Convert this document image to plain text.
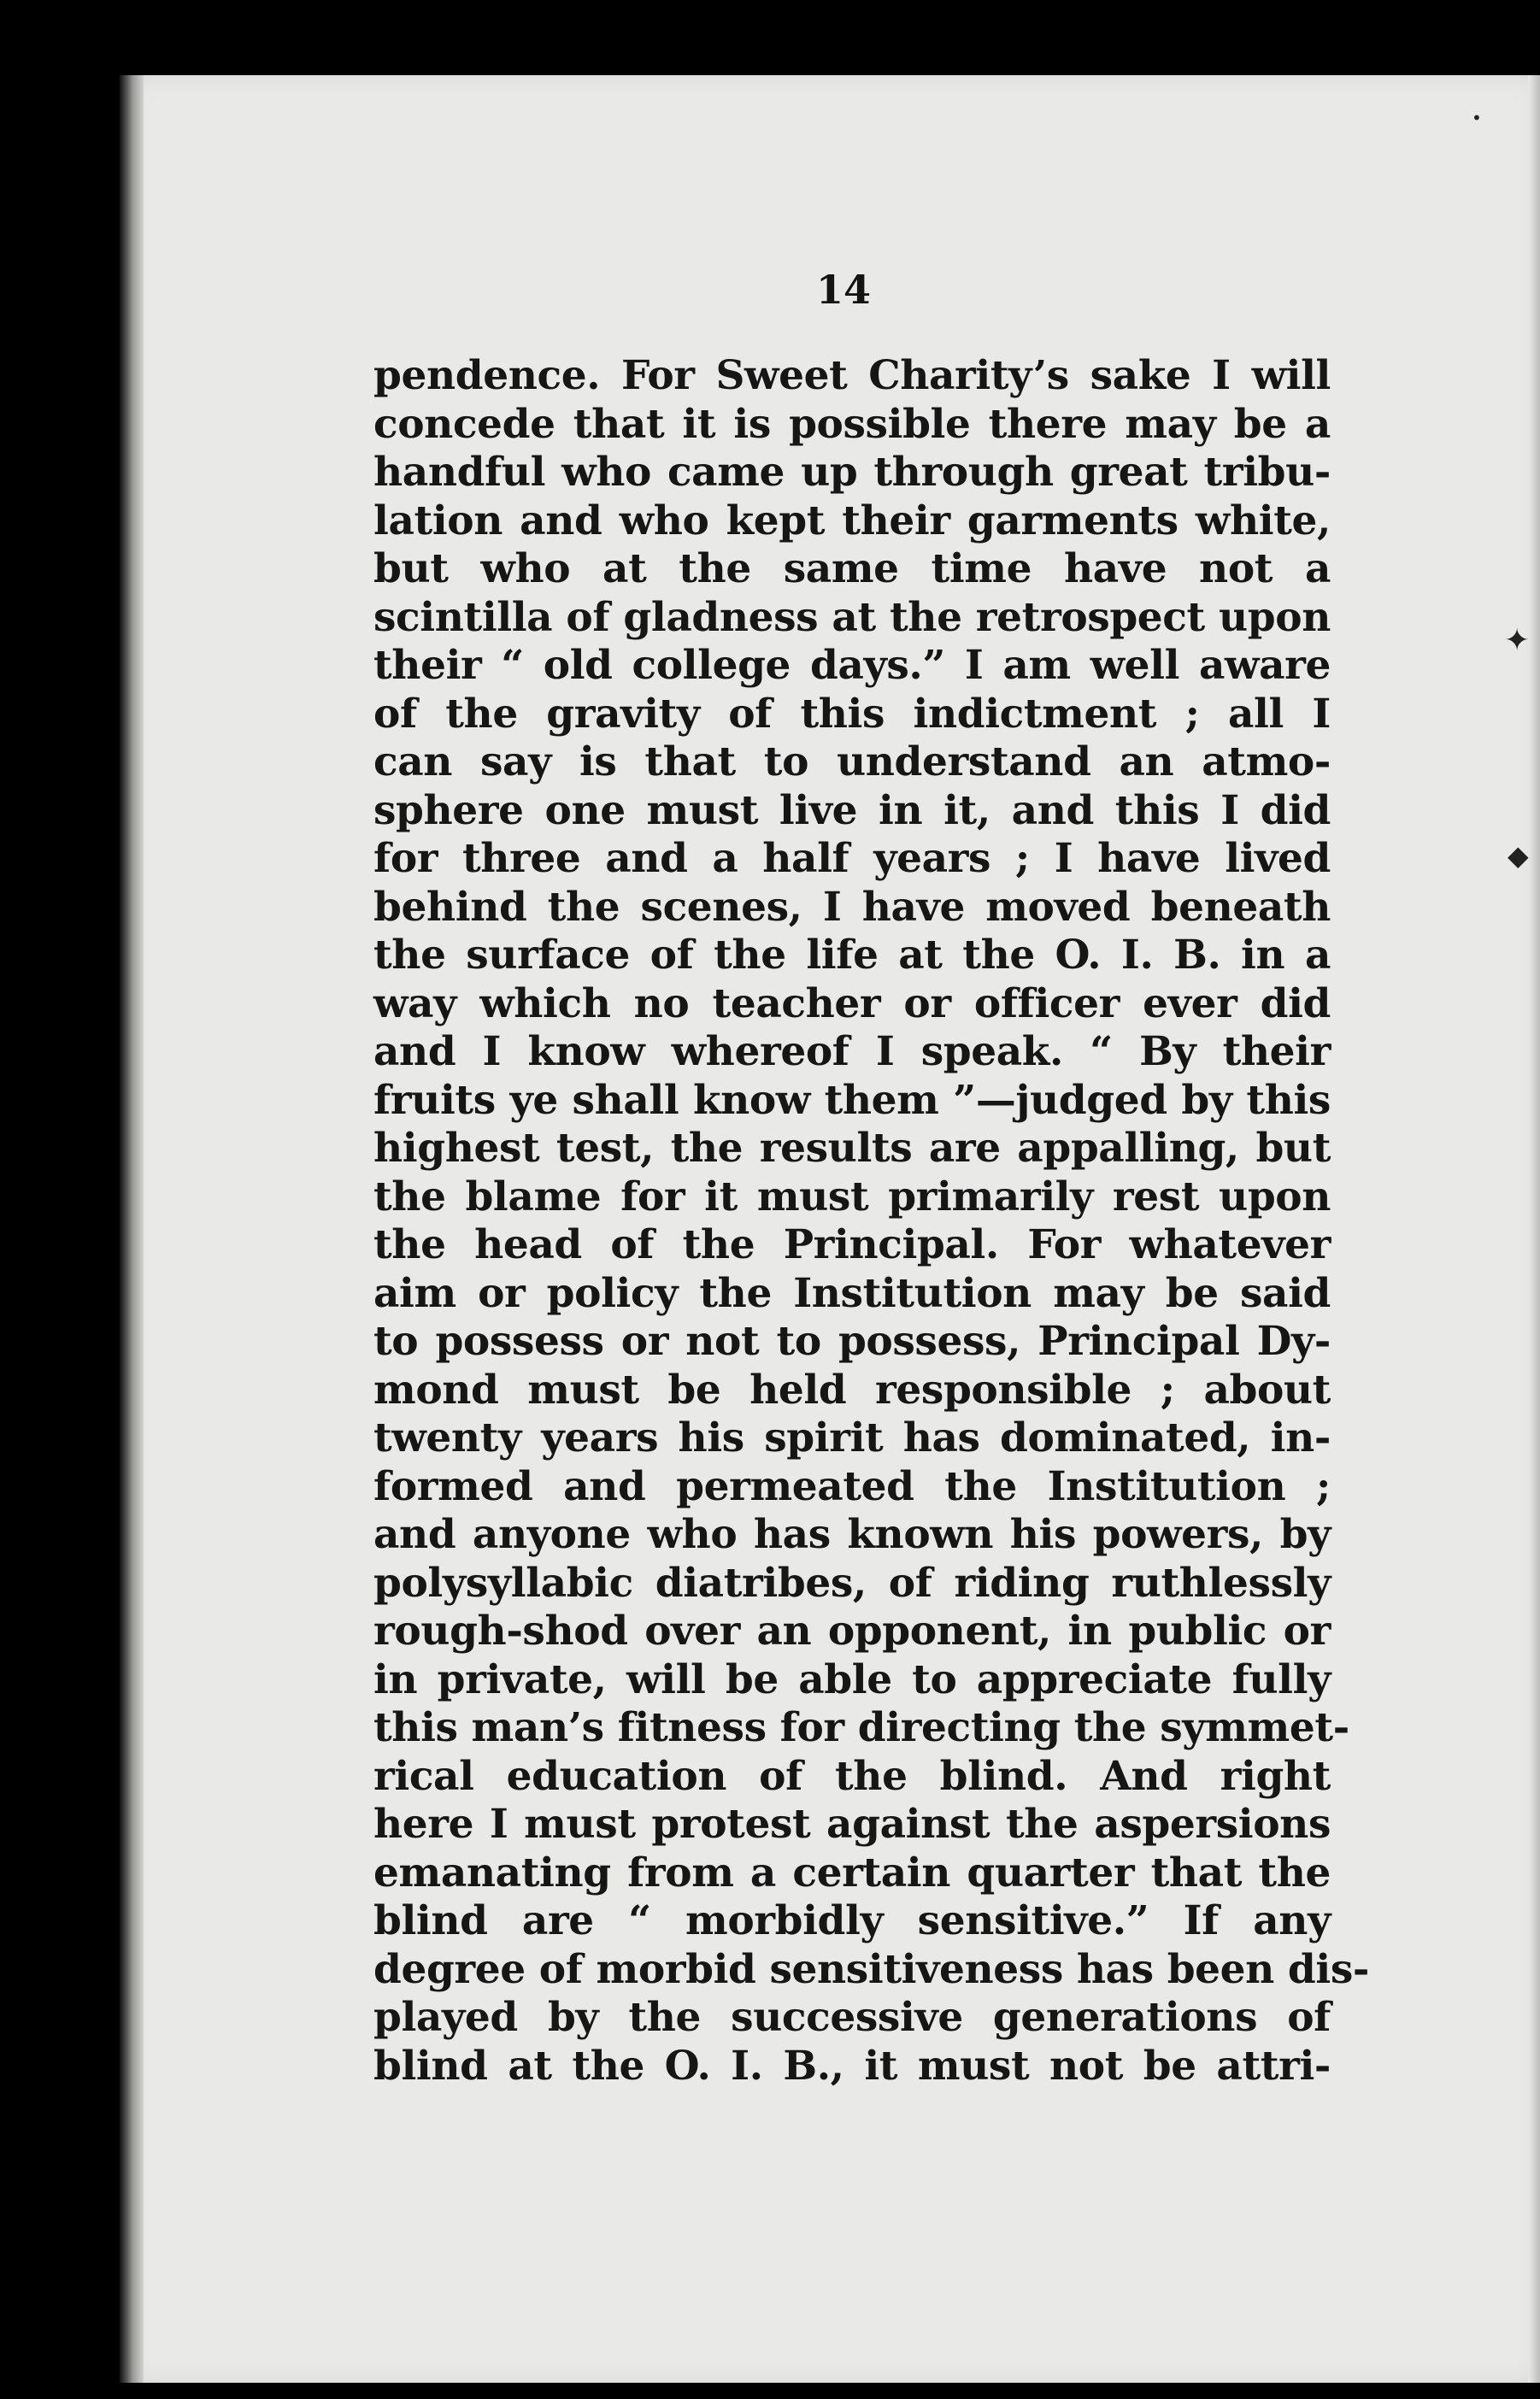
•
✦
◆
14
pendence. For Sweet Charity’s sake I will
concede that it is possible there may be a
handful who came up through great tribu-
lation and who kept their garments white,
but who at the same time have not a
scintilla of gladness at the retrospect upon
their “ old college days.” I am well aware
of the gravity of this indictment ; all I
can say is that to understand an atmo-
sphere one must live in it, and this I did
for three and a half years ; I have lived
behind the scenes, I have moved beneath
the surface of the life at the O. I. B. in a
way which no teacher or officer ever did
and I know whereof I speak. “ By their
fruits ye shall know them ”—judged by this
highest test, the results are appalling, but
the blame for it must primarily rest upon
the head of the Principal. For whatever
aim or policy the Institution may be said
to possess or not to possess, Principal Dy-
mond must be held responsible ; about
twenty years his spirit has dominated, in-
formed and permeated the Institution ;
and anyone who has known his powers, by
polysyllabic diatribes, of riding ruthlessly
rough-shod over an opponent, in public or
in private, will be able to appreciate fully
this man’s fitness for directing the symmet-
rical education of the blind. And right
here I must protest against the aspersions
emanating from a certain quarter that the
blind are “ morbidly sensitive.” If any
degree of morbid sensitiveness has been dis-
played by the successive generations of
blind at the O. I. B., it must not be attri-
